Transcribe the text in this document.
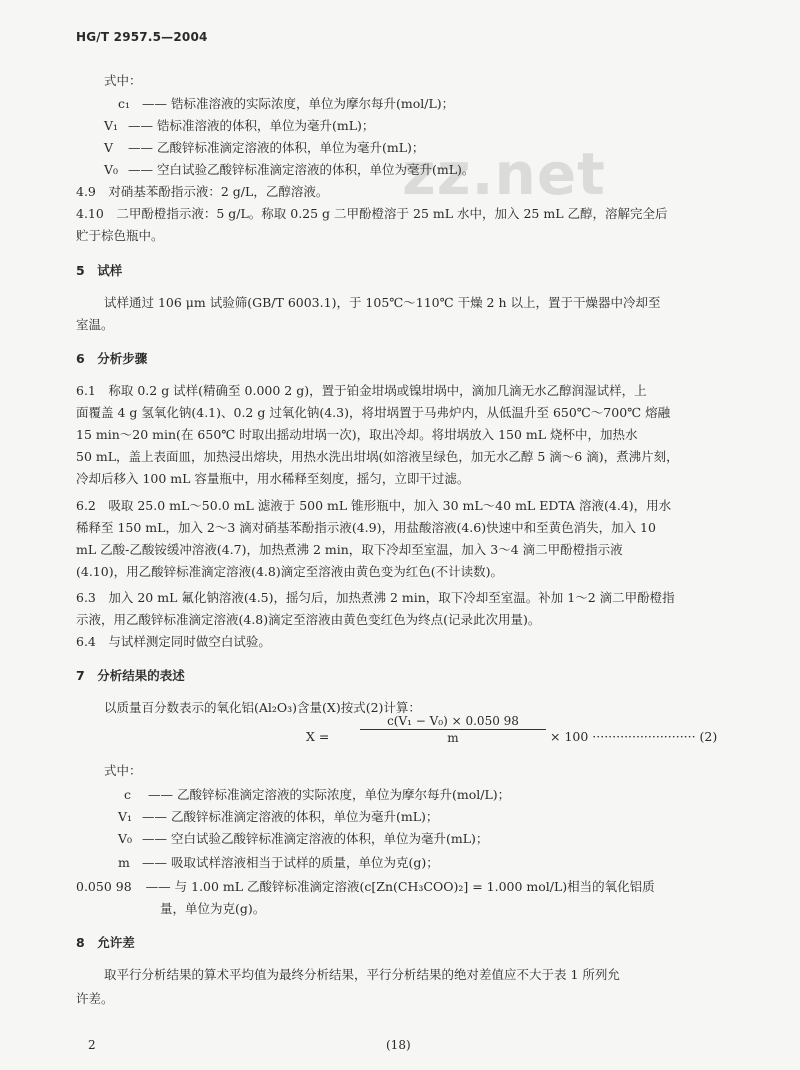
HG/T 2957.5—2004
zz.net
式中：
c₁ —— 锆标准溶液的实际浓度，单位为摩尔每升(mol/L)；
V₁ —— 锆标准溶液的体积，单位为毫升(mL)；
V —— 乙酸锌标准滴定溶液的体积，单位为毫升(mL)；
V₀ —— 空白试验乙酸锌标准滴定溶液的体积，单位为毫升(mL)。
4.9　对硝基苯酚指示液：2 g/L，乙醇溶液。
4.10　二甲酚橙指示液：5 g/L。称取 0.25 g 二甲酚橙溶于 25 mL 水中，加入 25 mL 乙醇，溶解完全后
贮于棕色瓶中。
5　试样
试样通过 106 μm 试验筛(GB/T 6003.1)，于 105℃～110℃ 干燥 2 h 以上，置于干燥器中冷却至
室温。
6　分析步骤
6.1　称取 0.2 g 试样(精确至 0.000 2 g)，置于铂金坩埚或镍坩埚中，滴加几滴无水乙醇润湿试样，上
面覆盖 4 g 氢氧化钠(4.1)、0.2 g 过氧化钠(4.3)，将坩埚置于马弗炉内，从低温升至 650℃～700℃ 熔融
15 min～20 min(在 650℃ 时取出摇动坩埚一次)，取出冷却。将坩埚放入 150 mL 烧杯中，加热水
50 mL，盖上表面皿，加热浸出熔块，用热水洗出坩埚(如溶液呈绿色，加无水乙醇 5 滴～6 滴)，煮沸片刻，
冷却后移入 100 mL 容量瓶中，用水稀释至刻度，摇匀，立即干过滤。
6.2　吸取 25.0 mL～50.0 mL 滤液于 500 mL 锥形瓶中，加入 30 mL～40 mL EDTA 溶液(4.4)，用水
稀释至 150 mL，加入 2～3 滴对硝基苯酚指示液(4.9)，用盐酸溶液(4.6)快速中和至黄色消失，加入 10
mL 乙酸-乙酸铵缓冲溶液(4.7)，加热煮沸 2 min，取下冷却至室温，加入 3～4 滴二甲酚橙指示液
(4.10)，用乙酸锌标准滴定溶液(4.8)滴定至溶液由黄色变为红色(不计读数)。
6.3　加入 20 mL 氟化钠溶液(4.5)，摇匀后，加热煮沸 2 min，取下冷却至室温。补加 1～2 滴二甲酚橙指
示液，用乙酸锌标准滴定溶液(4.8)滴定至溶液由黄色变红色为终点(记录此次用量)。
6.4　与试样测定同时做空白试验。
7　分析结果的表述
以质量百分数表示的氧化铝(Al₂O₃)含量(X)按式(2)计算：
X =	$\frac{\text{c(V₁ − V₀) × 0.050 98}}{m} \times 100$ ·························· (2)
式中：
c —— 乙酸锌标准滴定溶液的实际浓度，单位为摩尔每升(mol/L)；
V₁ —— 乙酸锌标准滴定溶液的体积，单位为毫升(mL)；
V₀ —— 空白试验乙酸锌标准滴定溶液的体积，单位为毫升(mL)；
m —— 吸取试样溶液相当于试样的质量，单位为克(g)；
0.050 98 —— 与 1.00 mL 乙酸锌标准滴定溶液(c[Zn(CH₃COO)₂] = 1.000 mol/L)相当的氧化铝质
量，单位为克(g)。
8　允许差
取平行分析结果的算术平均值为最终分析结果，平行分析结果的绝对差值应不大于表 1 所列允
许差。
2	(18)
